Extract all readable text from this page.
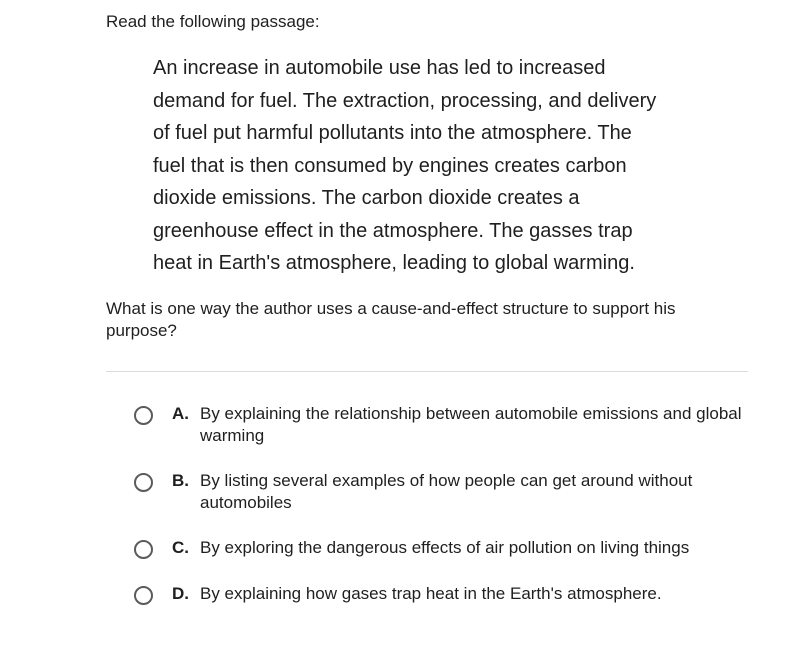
Read the following passage:
An increase in automobile use has led to increased
demand for fuel. The extraction, processing, and delivery
of fuel put harmful pollutants into the atmosphere. The
fuel that is then consumed by engines creates carbon
dioxide emissions. The carbon dioxide creates a
greenhouse effect in the atmosphere. The gasses trap
heat in Earth's atmosphere, leading to global warming.
What is one way the author uses a cause-and-effect structure to support his purpose?
A. By explaining the relationship between automobile emissions and global warming
B. By listing several examples of how people can get around without automobiles
C. By exploring the dangerous effects of air pollution on living things
D. By explaining how gases trap heat in the Earth's atmosphere.
